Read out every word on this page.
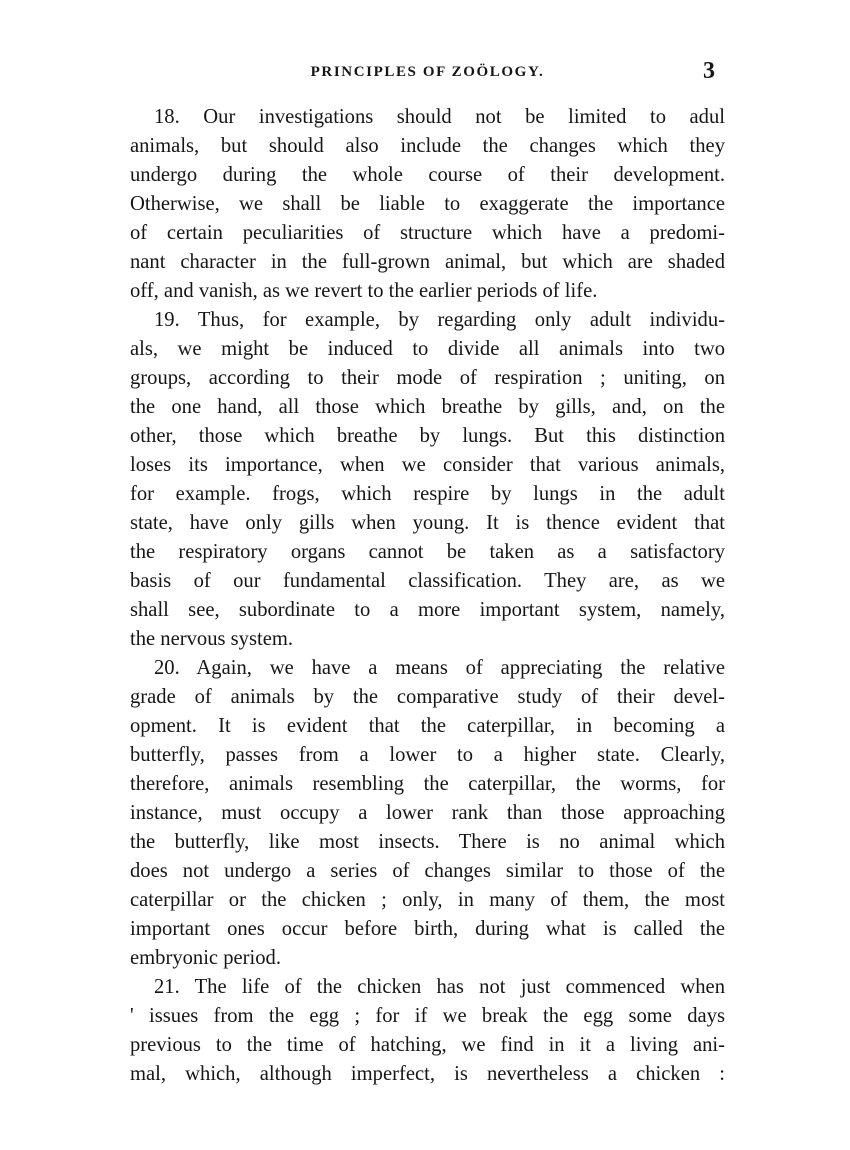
PRINCIPLES OF ZOÖLOGY.	3
18. Our investigations should not be limited to adul
animals, but should also include the changes which they
undergo during the whole course of their development.
Otherwise, we shall be liable to exaggerate the importance
of certain peculiarities of structure which have a predomi-
nant character in the full-grown animal, but which are shaded
off, and vanish, as we revert to the earlier periods of life.
19. Thus, for example, by regarding only adult individu-
als, we might be induced to divide all animals into two
groups, according to their mode of respiration ; uniting, on
the one hand, all those which breathe by gills, and, on the
other, those which breathe by lungs. But this distinction
loses its importance, when we consider that various animals,
for example. frogs, which respire by lungs in the adult
state, have only gills when young. It is thence evident that
the respiratory organs cannot be taken as a satisfactory
basis of our fundamental classification. They are, as we
shall see, subordinate to a more important system, namely,
the nervous system.
20. Again, we have a means of appreciating the relative
grade of animals by the comparative study of their devel-
opment. It is evident that the caterpillar, in becoming a
butterfly, passes from a lower to a higher state. Clearly,
therefore, animals resembling the caterpillar, the worms, for
instance, must occupy a lower rank than those approaching
the butterfly, like most insects. There is no animal which
does not undergo a series of changes similar to those of the
caterpillar or the chicken ; only, in many of them, the most
important ones occur before birth, during what is called the
embryonic period.
21. The life of the chicken has not just commenced when
' issues from the egg ; for if we break the egg some days
previous to the time of hatching, we find in it a living ani-
mal, which, although imperfect, is nevertheless a chicken :
